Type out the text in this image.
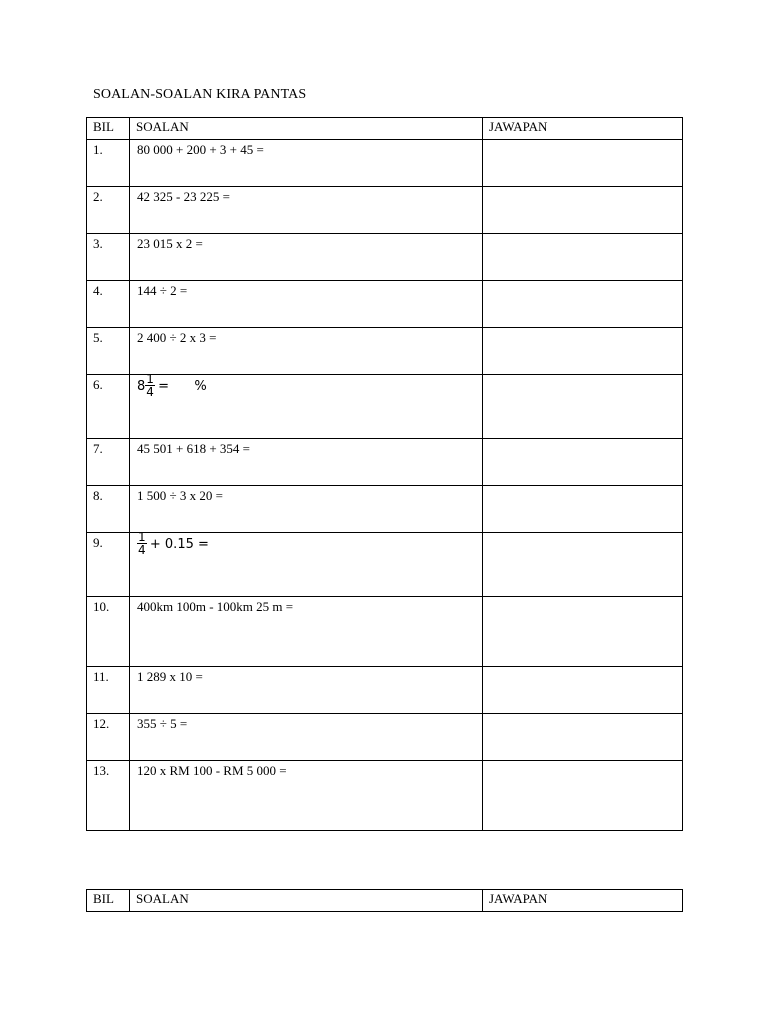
SOALAN-SOALAN KIRA PANTAS
BIL	SOALAN	JAWAPAN
1.	80 000 + 200 + 3 + 45 =	
2.	42 325 - 23 225 =	
3.	23 015 x 2 =	
4.	144 ÷ 2 =	
5.	2 400 ÷ 2 x 3 =	
6.	$8 \frac{1}{4}$ = %	
7.	45 501 + 618 + 354 =	
8.	1 500 ÷ 3 x 20 =	
9.	$\frac{1}{4} + 0.15$ =	
10.	400km 100m - 100km 25 m =	
11.	1 289 x 10 =	
12.	355 ÷ 5 =	
13.	120 x RM 100 - RM 5 000 =	
BIL	SOALAN	JAWAPAN
